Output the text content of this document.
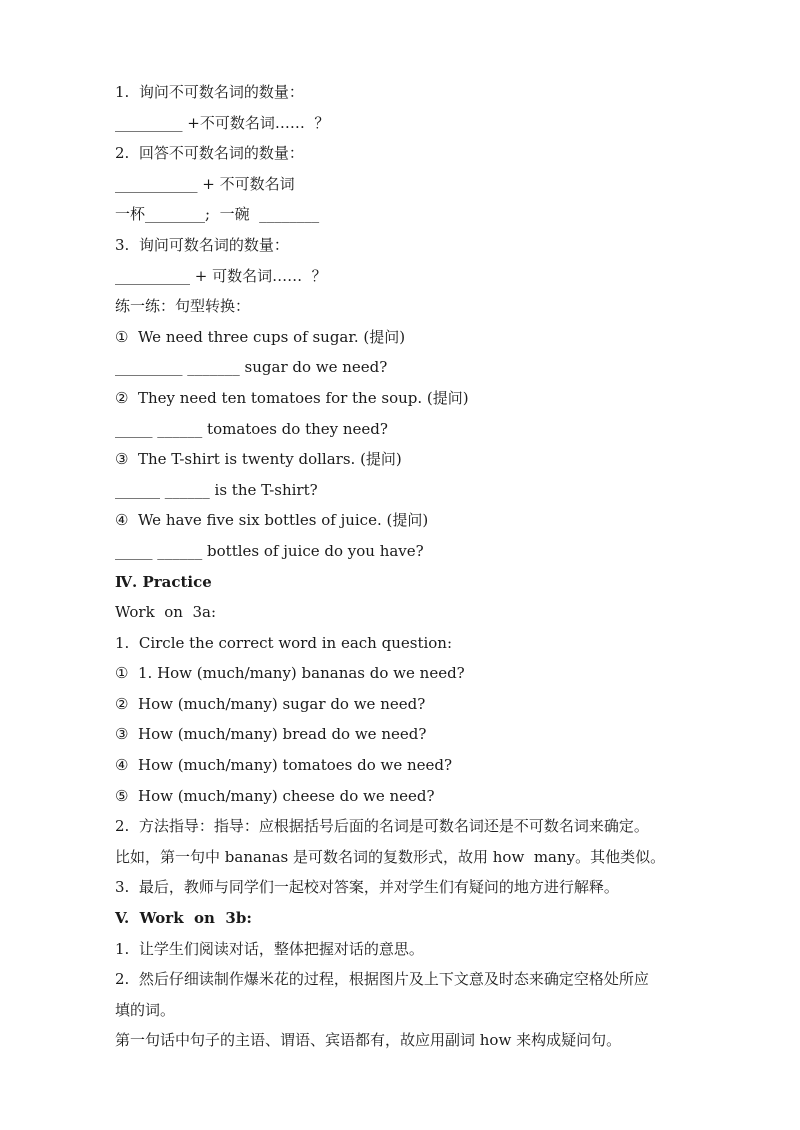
1.  询问不可数名词的数量：
_________ +不可数名词……  ？
2.  回答不可数名词的数量：
___________ + 不可数名词
一杯________;  一碗  ________
3.  询问可数名词的数量：
__________ + 可数名词……  ？
练一练：句型转换：
①  We need three cups of sugar. (提问)
_________ _______ sugar do we need?
②  They need ten tomatoes for the soup. (提问)
_____ ______ tomatoes do they need?
③  The T-shirt is twenty dollars. (提问)
______ ______ is the T-shirt?
④  We have five six bottles of juice. (提问)
_____ ______ bottles of juice do you have?
Ⅳ. Practice
Work  on  3a:
1.  Circle the correct word in each question:
①  1. How (much/many) bananas do we need?
②  How (much/many) sugar do we need?
③  How (much/many) bread do we need?
④  How (much/many) tomatoes do we need?
⑤  How (much/many) cheese do we need?
2.  方法指导：指导：应根据括号后面的名词是可数名词还是不可数名词来确定。
比如，第一句中 bananas 是可数名词的复数形式，故用 how  many。其他类似。
3.  最后，教师与同学们一起校对答案，并对学生们有疑问的地方进行解释。
V.  Work  on  3b:
1.  让学生们阅读对话，整体把握对话的意思。
2.  然后仔细读制作爆米花的过程，根据图片及上下文意及时态来确定空格处所应
填的词。
第一句话中句子的主语、谓语、宾语都有，故应用副词 how 来构成疑问句。
